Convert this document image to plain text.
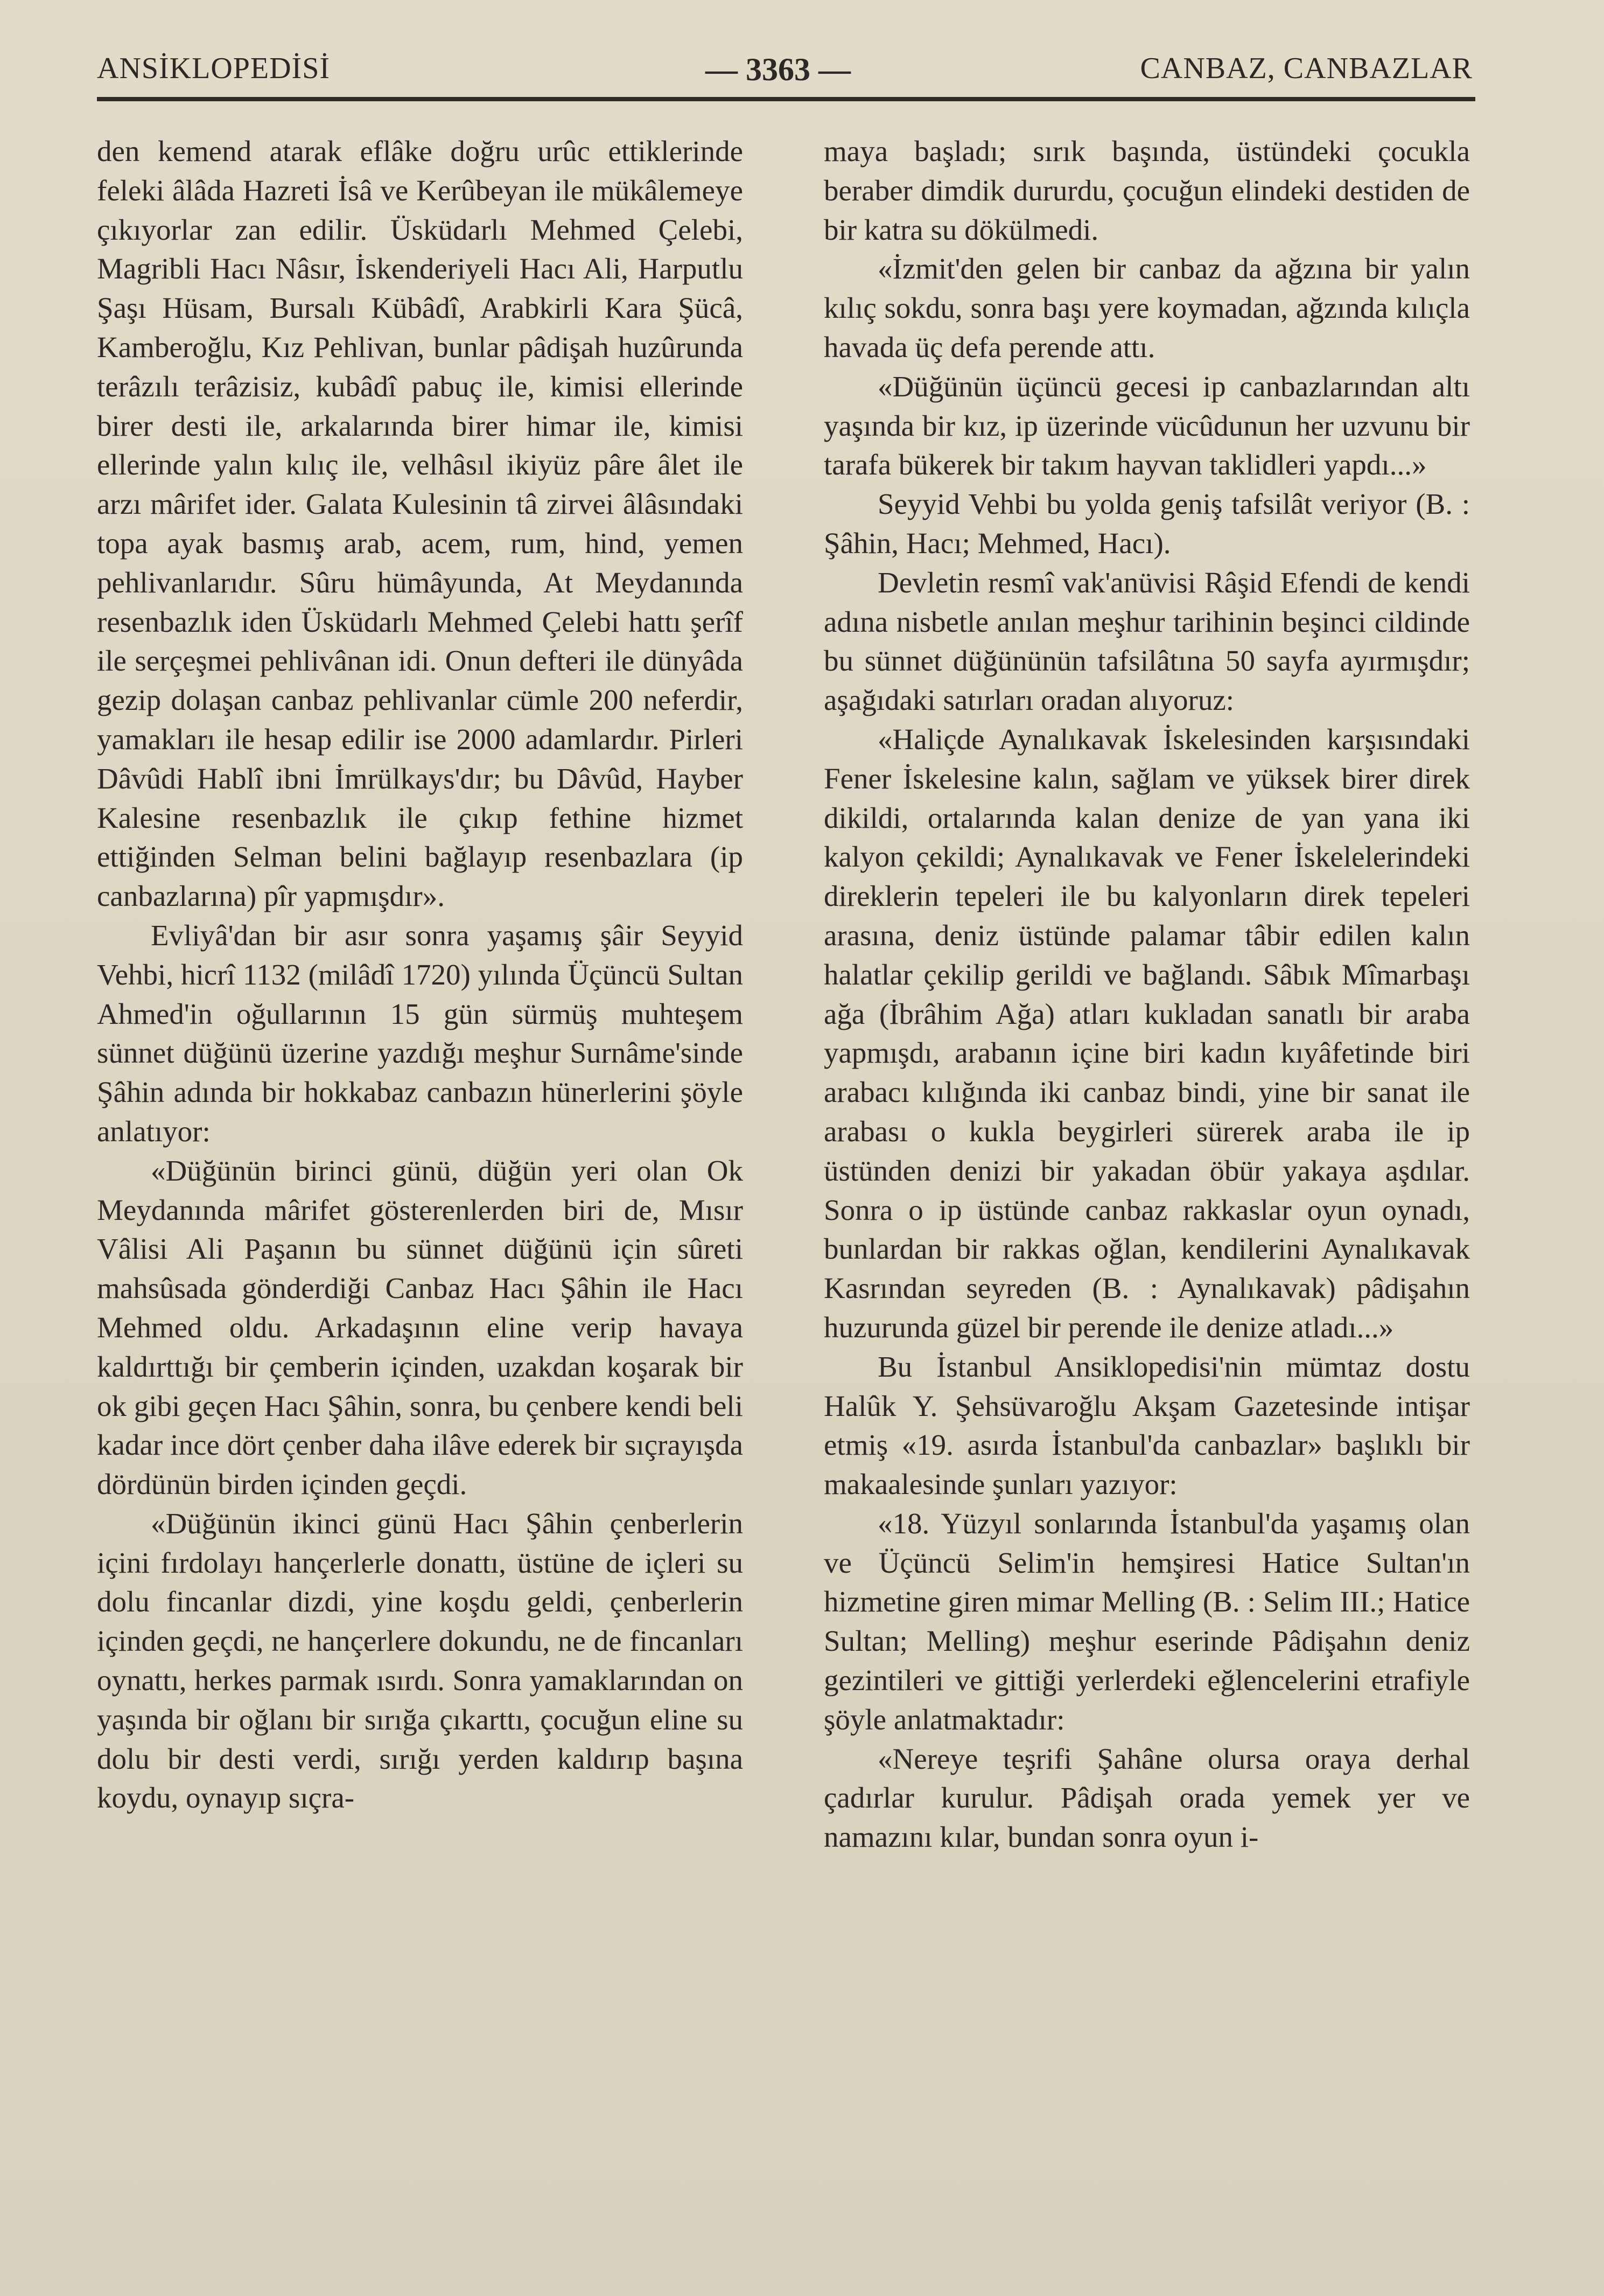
ANSİKLOPEDİSİ	— 3363 —	CANBAZ, CANBAZLAR

den kemend atarak eflâke doğru urûc ettiklerinde feleki âlâda Hazreti İsâ ve Kerûbeyan ile mükâlemeye çıkıyorlar zan edilir. Üsküdarlı Mehmed Çelebi, Magribli Hacı Nâsır, İskenderiyeli Hacı Ali, Harputlu Şaşı Hüsam, Bursalı Kübâdî, Arabkirli Kara Şücâ, Kamberoğlu, Kız Pehlivan, bunlar pâdişah huzûrunda terâzılı terâzisiz, kubâdî pabuç ile, kimisi ellerinde birer desti ile, arkalarında birer himar ile, kimisi ellerinde yalın kılıç ile, velhâsıl ikiyüz pâre âlet ile arzı mârifet ider. Galata Kulesinin tâ zirvei âlâsındaki topa ayak basmış arab, acem, rum, hind, yemen pehlivanlarıdır. Sûru hümâyunda, At Meydanında resenbazlık iden Üsküdarlı Mehmed Çelebi hattı şerîf ile serçeşmei pehlivânan idi. Onun defteri ile dünyâda gezip dolaşan canbaz pehlivanlar cümle 200 neferdir, yamakları ile hesap edilir ise 2000 adamlardır. Pirleri Dâvûdi Hablî ibni İmrülkays'dır; bu Dâvûd, Hayber Kalesine resenbazlık ile çıkıp fethine hizmet ettiğinden Selman belini bağlayıp resenbazlara (ip canbazlarına) pîr yapmışdır».

Evliyâ'dan bir asır sonra yaşamış şâir Seyyid Vehbi, hicrî 1132 (milâdî 1720) yılında Üçüncü Sultan Ahmed'in oğullarının 15 gün sürmüş muhteşem sünnet düğünü üzerine yazdığı meşhur Surnâme'sinde Şâhin adında bir hokkabaz canbazın hünerlerini şöyle anlatıyor:

«Düğünün birinci günü, düğün yeri olan Ok Meydanında mârifet gösterenlerden biri de, Mısır Vâlisi Ali Paşanın bu sünnet düğünü için sûreti mahsûsada gönderdiği Canbaz Hacı Şâhin ile Hacı Mehmed oldu. Arkadaşının eline verip havaya kaldırttığı bir çemberin içinden, uzakdan koşarak bir ok gibi geçen Hacı Şâhin, sonra, bu çenbere kendi beli kadar ince dört çenber daha ilâve ederek bir sıçrayışda dördünün birden içinden geçdi.

«Düğünün ikinci günü Hacı Şâhin çenberlerin içini fırdolayı hançerlerle donattı, üstüne de içleri su dolu fincanlar dizdi, yine koşdu geldi, çenberlerin içinden geçdi, ne hançerlere dokundu, ne de fincanları oynattı, herkes parmak ısırdı. Sonra yamaklarından on yaşında bir oğlanı bir sırığa çıkarttı, çocuğun eline su dolu bir desti verdi, sırığı yerden kaldırıp başına koydu, oynayıp sıçra-

maya başladı; sırık başında, üstündeki çocukla beraber dimdik dururdu, çocuğun elindeki destiden de bir katra su dökülmedi.

«İzmit'den gelen bir canbaz da ağzına bir yalın kılıç sokdu, sonra başı yere koymadan, ağzında kılıçla havada üç defa perende attı.

«Düğünün üçüncü gecesi ip canbazlarından altı yaşında bir kız, ip üzerinde vücûdunun her uzvunu bir tarafa bükerek bir takım hayvan taklidleri yapdı...»

Seyyid Vehbi bu yolda geniş tafsilât veriyor (B. : Şâhin, Hacı; Mehmed, Hacı).

Devletin resmî vak'anüvisi Râşid Efendi de kendi adına nisbetle anılan meşhur tarihinin beşinci cildinde bu sünnet düğününün tafsilâtına 50 sayfa ayırmışdır; aşağıdaki satırları oradan alıyoruz:

«Haliçde Aynalıkavak İskelesinden karşısındaki Fener İskelesine kalın, sağlam ve yüksek birer direk dikildi, ortalarında kalan denize de yan yana iki kalyon çekildi; Aynalıkavak ve Fener İskelelerindeki direklerin tepeleri ile bu kalyonların direk tepeleri arasına, deniz üstünde palamar tâbir edilen kalın halatlar çekilip gerildi ve bağlandı. Sâbık Mîmarbaşı ağa (İbrâhim Ağa) atları kukladan sanatlı bir araba yapmışdı, arabanın içine biri kadın kıyâfetinde biri arabacı kılığında iki canbaz bindi, yine bir sanat ile arabası o kukla beygirleri sürerek araba ile ip üstünden denizi bir yakadan öbür yakaya aşdılar. Sonra o ip üstünde canbaz rakkaslar oyun oynadı, bunlardan bir rakkas oğlan, kendilerini Aynalıkavak Kasrından seyreden (B. : Aynalıkavak) pâdişahın huzurunda güzel bir perende ile denize atladı...»

Bu İstanbul Ansiklopedisi'nin mümtaz dostu Halûk Y. Şehsüvaroğlu Akşam Gazetesinde intişar etmiş «19. asırda İstanbul'da canbazlar» başlıklı bir makaalesinde şunları yazıyor:

«18. Yüzyıl sonlarında İstanbul'da yaşamış olan ve Üçüncü Selim'in hemşiresi Hatice Sultan'ın hizmetine giren mimar Melling (B. : Selim III.; Hatice Sultan; Melling) meşhur eserinde Pâdişahın deniz gezintileri ve gittiği yerlerdeki eğlencelerini etrafiyle şöyle anlatmaktadır:

«Nereye teşrifi Şahâne olursa oraya derhal çadırlar kurulur. Pâdişah orada yemek yer ve namazını kılar, bundan sonra oyun i-
